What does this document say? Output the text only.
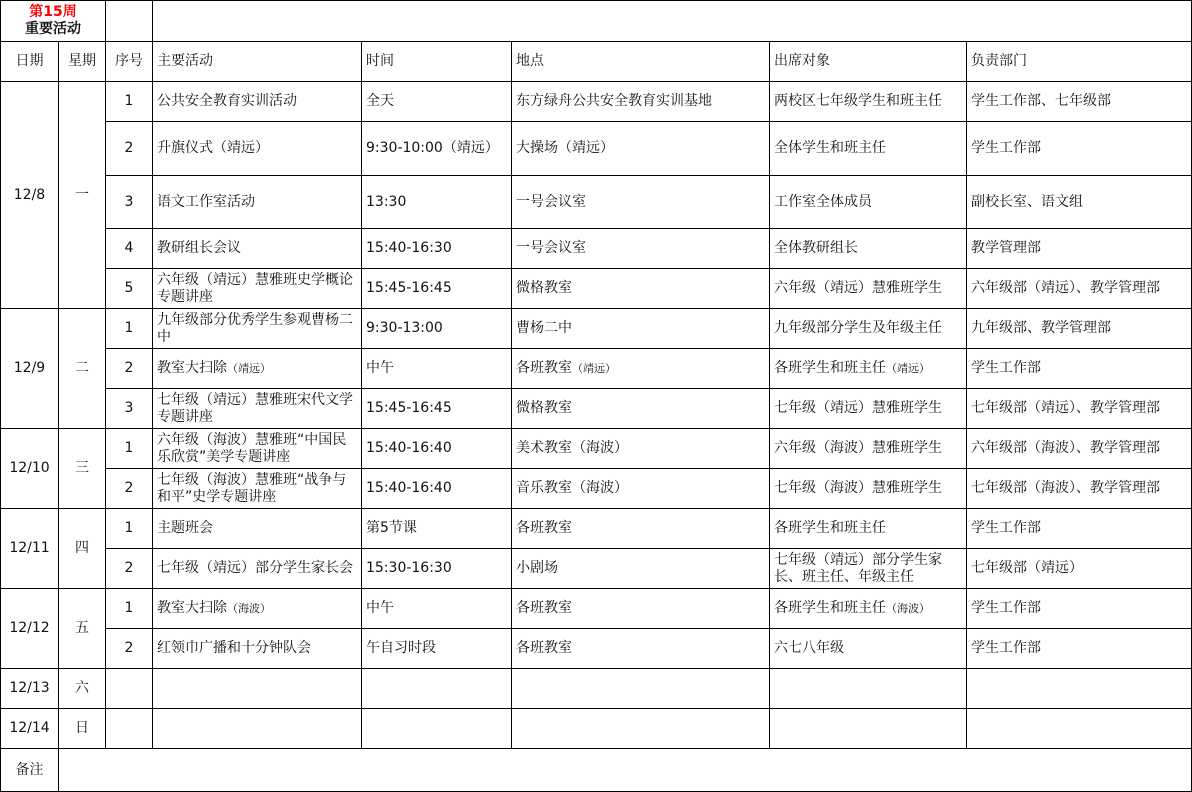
第15周
重要活动							

日期	星期	序号	主要活动	时间	地点	出席对象	负责部门
12/8	一	1	公共安全教育实训活动	全天	东方绿舟公共安全教育实训基地	两校区七年级学生和班主任	学生工作部、七年级部
		2	升旗仪式（靖远）	9:30-10:00（靖远）	大操场（靖远）	全体学生和班主任	学生工作部
		3	语文工作室活动	13:30	一号会议室	工作室全体成员	副校长室、语文组
		4	教研组长会议	15:40-16:30	一号会议室	全体教研组长	教学管理部
		5	六年级（靖远）慧雅班史学概论专题讲座	15:45-16:45	微格教室	六年级（靖远）慧雅班学生	六年级部（靖远）、教学管理部
12/9	二	1	九年级部分优秀学生参观曹杨二中	9:30-13:00	曹杨二中	九年级部分学生及年级主任	九年级部、教学管理部
		2	教室大扫除（靖远）	中午	各班教室（靖远）	各班学生和班主任（靖远）	学生工作部
		3	七年级（靖远）慧雅班宋代文学专题讲座	15:45-16:45	微格教室	七年级（靖远）慧雅班学生	七年级部（靖远）、教学管理部
12/10	三	1	六年级（海波）慧雅班“中国民乐欣赏”美学专题讲座	15:40-16:40	美术教室（海波）	六年级（海波）慧雅班学生	六年级部（海波）、教学管理部
		2	七年级（海波）慧雅班“战争与和平”史学专题讲座	15:40-16:40	音乐教室（海波）	七年级（海波）慧雅班学生	七年级部（海波）、教学管理部
12/11	四	1	主题班会	第5节课	各班教室	各班学生和班主任	学生工作部
		2	七年级（靖远）部分学生家长会	15:30-16:30	小剧场	七年级（靖远）部分学生家长、班主任、年级主任	七年级部（靖远）
12/12	五	1	教室大扫除（海波）	中午	各班教室	各班学生和班主任（海波）	学生工作部
		2	红领巾广播和十分钟队会	午自习时段	各班教室	六七八年级	学生工作部
12/13	六						
12/14	日						
备注							
